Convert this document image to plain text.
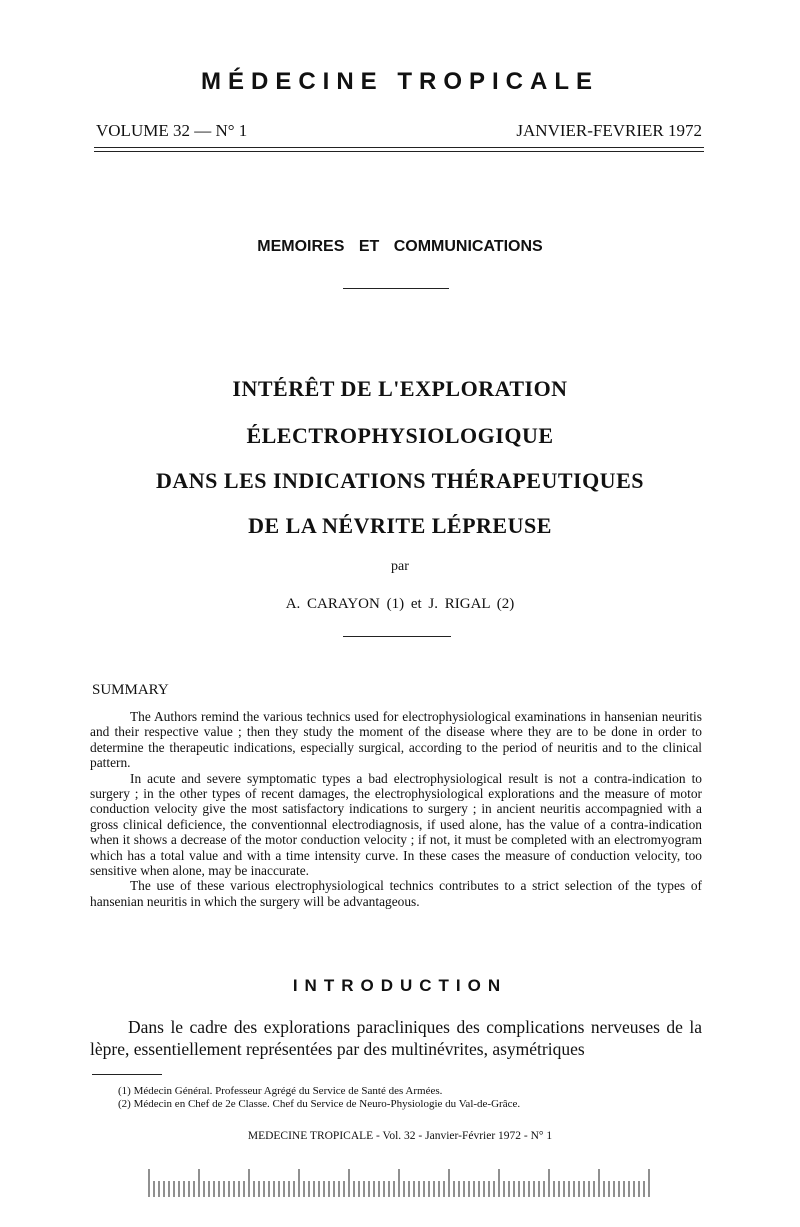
MÉDECINE TROPICALE
VOLUME 32 — N° 1	JANVIER-FEVRIER 1972
MEMOIRES ET COMMUNICATIONS
INTÉRÊT DE L'EXPLORATION
ÉLECTROPHYSIOLOGIQUE
DANS LES INDICATIONS THÉRAPEUTIQUES
DE LA NÉVRITE LÉPREUSE
par
A. CARAYON (1) et J. RIGAL (2)
SUMMARY

The Authors remind the various technics used for electrophysiological examinations in hansenian neuritis and their respective value ; then they study the moment of the disease where they are to be done in order to determine the therapeutic indications, especially surgical, according to the period of neuritis and to the clinical pattern.

In acute and severe symptomatic types a bad electrophysiological result is not a contra-indication to surgery ; in the other types of recent damages, the electrophysiological explorations and the measure of motor conduction velocity give the most satisfactory indications to surgery ; in ancient neuritis accompagnied with a gross clinical deficience, the conventionnal electrodiagnosis, if used alone, has the value of a contra-indication when it shows a decrease of the motor conduction velocity ; if not, it must be completed with an electromyogram which has a total value and with a time intensity curve. In these cases the measure of conduction velocity, too sensitive when alone, may be inaccurate.

The use of these various electrophysiological technics contributes to a strict selection of the types of hansenian neuritis in which the surgery will be advantageous.

INTRODUCTION
Dans le cadre des explorations paracliniques des complications nerveuses de la lèpre, essentiellement représentées par des multinévrites, asymétriques
(1) Médecin Général. Professeur Agrégé du Service de Santé des Armées.
(2) Médecin en Chef de 2e Classe. Chef du Service de Neuro-Physiologie du Val-de-Grâce.
MEDECINE TROPICALE - Vol. 32 - Janvier-Février 1972 - N° 1
